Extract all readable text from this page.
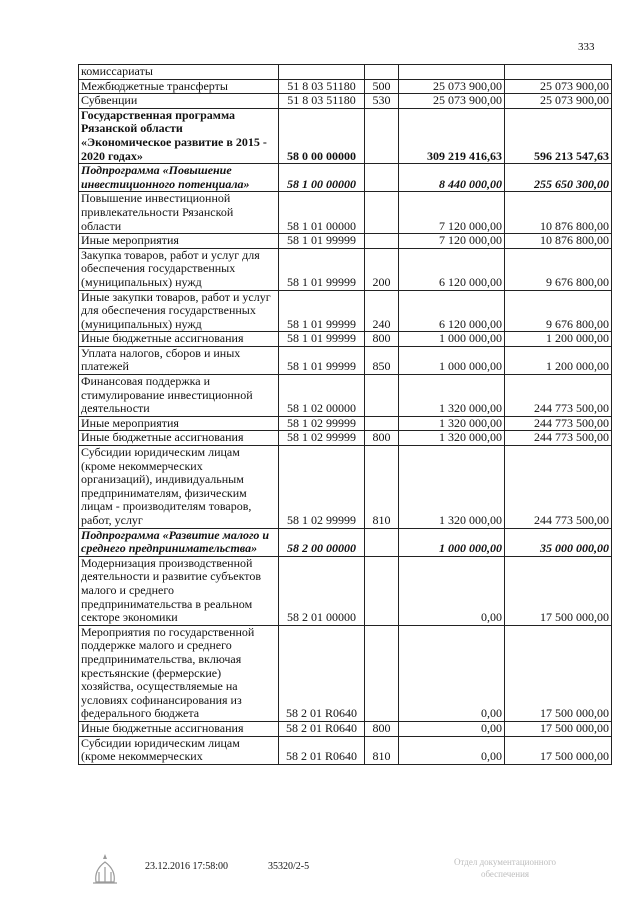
333
комиссариаты				
Межбюджетные трансферты	51 8 03 51180	500	25 073 900,00	25 073 900,00
Субвенции	51 8 03 51180	530	25 073 900,00	25 073 900,00
Государственная программа Рязанской области «Экономическое развитие в 2015 - 2020 годах»	58 0 00 00000		309 219 416,63	596 213 547,63
Подпрограмма «Повышение инвестиционного потенциала»	58 1 00 00000		8 440 000,00	255 650 300,00
Повышение инвестиционной привлекательности Рязанской области	58 1 01 00000		7 120 000,00	10 876 800,00
Иные мероприятия	58 1 01 99999		7 120 000,00	10 876 800,00
Закупка товаров, работ и услуг для обеспечения государственных (муниципальных) нужд	58 1 01 99999	200	6 120 000,00	9 676 800,00
Иные закупки товаров, работ и услуг для обеспечения государственных (муниципальных) нужд	58 1 01 99999	240	6 120 000,00	9 676 800,00
Иные бюджетные ассигнования	58 1 01 99999	800	1 000 000,00	1 200 000,00
Уплата налогов, сборов и иных платежей	58 1 01 99999	850	1 000 000,00	1 200 000,00
Финансовая поддержка и стимулирование инвестиционной деятельности	58 1 02 00000		1 320 000,00	244 773 500,00
Иные мероприятия	58 1 02 99999		1 320 000,00	244 773 500,00
Иные бюджетные ассигнования	58 1 02 99999	800	1 320 000,00	244 773 500,00
Субсидии юридическим лицам (кроме некоммерческих организаций), индивидуальным предпринимателям, физическим лицам - производителям товаров, работ, услуг	58 1 02 99999	810	1 320 000,00	244 773 500,00
Подпрограмма «Развитие малого и среднего предпринимательства»	58 2 00 00000		1 000 000,00	35 000 000,00
Модернизация производственной деятельности и развитие субъектов малого и среднего предпринимательства в реальном секторе экономики	58 2 01 00000		0,00	17 500 000,00
Мероприятия по государственной поддержке малого и среднего предпринимательства, включая крестьянские (фермерские) хозяйства, осуществляемые на условиях софинансирования из федерального бюджета	58 2 01 R0640		0,00	17 500 000,00
Иные бюджетные ассигнования	58 2 01 R0640	800	0,00	17 500 000,00
Субсидии юридическим лицам (кроме некоммерческих	58 2 01 R0640	810	0,00	17 500 000,00
23.12.2016 17:58:00	35320/2-5	Отдел документационного обеспечения
